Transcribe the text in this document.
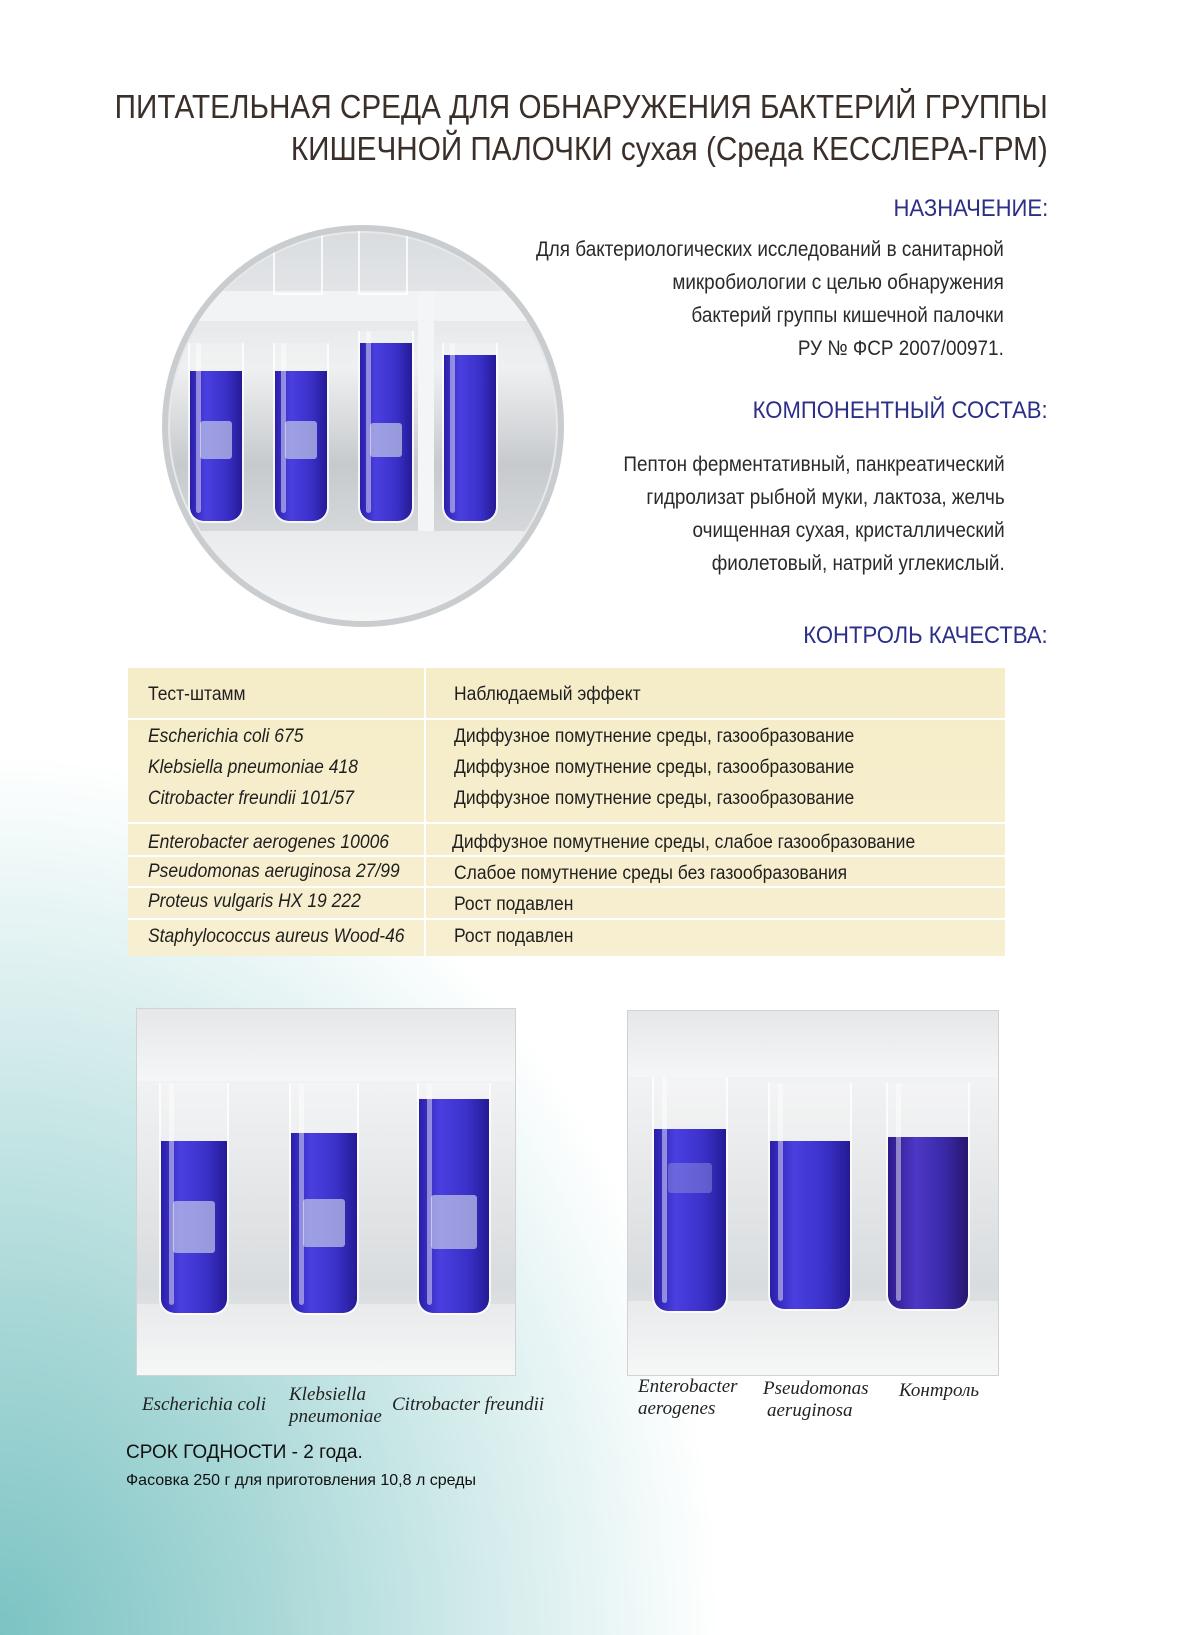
ПИТАТЕЛЬНАЯ СРЕДА ДЛЯ ОБНАРУЖЕНИЯ БАКТЕРИЙ ГРУППЫ
КИШЕЧНОЙ ПАЛОЧКИ сухая (Среда КЕССЛЕРА-ГРМ)
НАЗНАЧЕНИЕ:
Для бактериологических исследований в санитарной
микробиологии с целью обнаружения
бактерий группы кишечной палочки
РУ № ФСР 2007/00971.
КОМПОНЕНТНЫЙ СОСТАВ:
Пептон ферментативный, панкреатический
гидролизат рыбной муки, лактоза, желчь
очищенная сухая, кристаллический
фиолетовый, натрий углекислый.
КОНТРОЛЬ КАЧЕСТВА:
Тест-штамм	Наблюдаемый эффект
Escherichia coli 675	Диффузное помутнение среды, газообразование
Klebsiella pneumoniae 418	Диффузное помутнение среды, газообразование
Citrobacter freundii 101/57	Диффузное помутнение среды, газообразование
Enterobacter aerogenes 10006	Диффузное помутнение среды, слабое газообразование
Pseudomonas aeruginosa 27/99	Слабое помутнение среды без газообразования
Proteus vulgaris HX 19 222	Рост подавлен
Staphylococcus aureus Wood-46	Рост подавлен
Escherichia coli Klebsiella
pneumoniae
Citrobacter freundii
Enterobacter
aerogenes
Pseudomonas
aeruginosa
Контроль
СРОК ГОДНОСТИ - 2 года.
Фасовка 250 г для приготовления 10,8 л среды
